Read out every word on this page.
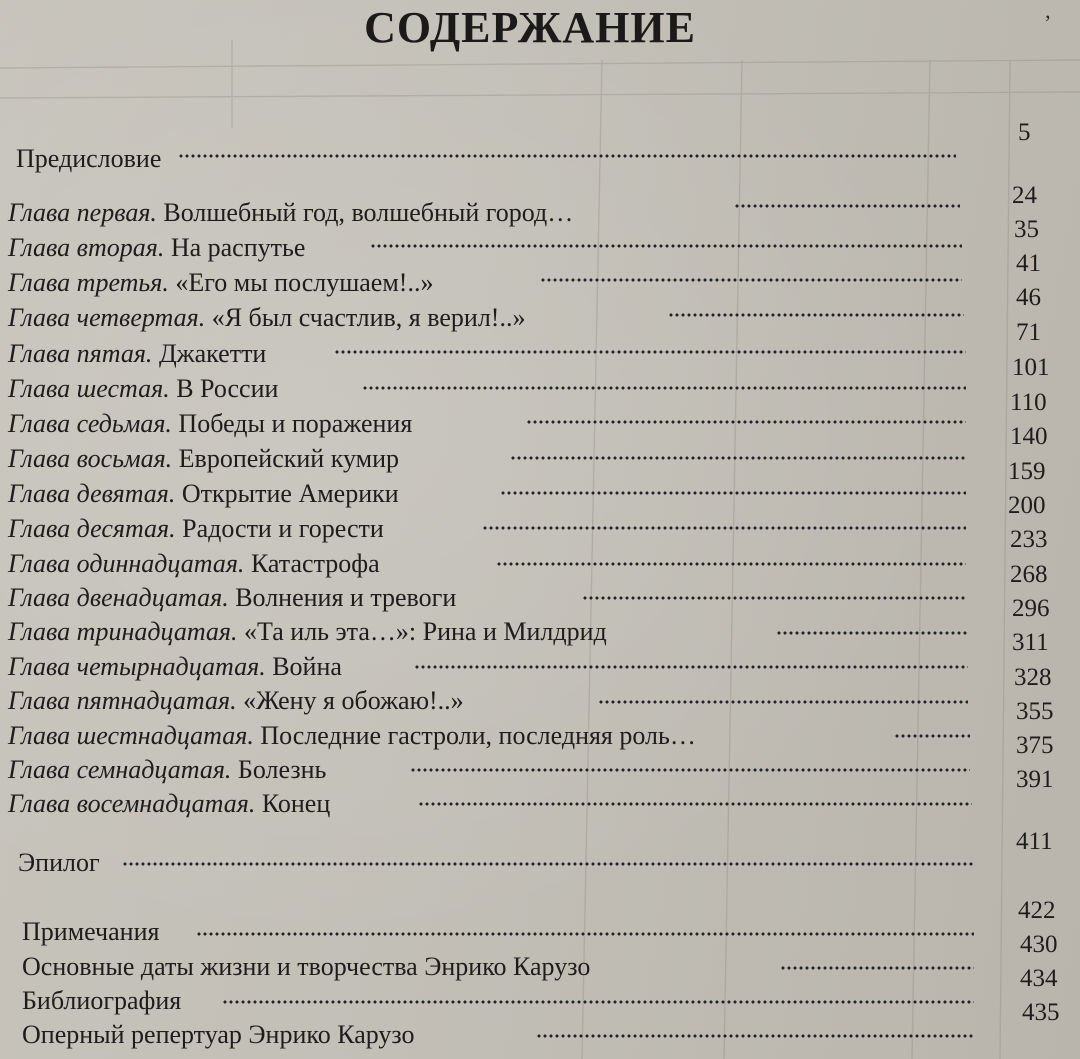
СОДЕРЖАНИЕ	’
Предисловие
5
Глава первая. Волшебный год, волшебный город…
24
Глава вторая. На распутье
35
Глава третья. «Его мы послушаем!..»
41
Глава четвертая. «Я был счастлив, я верил!..»
46
Глава пятая. Джакетти
71
Глава шестая. В России
101
Глава седьмая. Победы и поражения
110
Глава восьмая. Европейский кумир
140
Глава девятая. Открытие Америки
159
Глава десятая. Радости и горести
200
Глава одиннадцатая. Катастрофа
233
Глава двенадцатая. Волнения и тревоги
268
Глава тринадцатая. «Та иль эта…»: Рина и Милдрид
296
Глава четырнадцатая. Война
311
Глава пятнадцатая. «Жену я обожаю!..»
328
Глава шестнадцатая. Последние гастроли, последняя роль…
355
Глава семнадцатая. Болезнь
375
Глава восемнадцатая. Конец
391
Эпилог
411
Примечания
422
Основные даты жизни и творчества Энрико Карузо
430
Библиография
434
Оперный репертуар Энрико Карузо
435
